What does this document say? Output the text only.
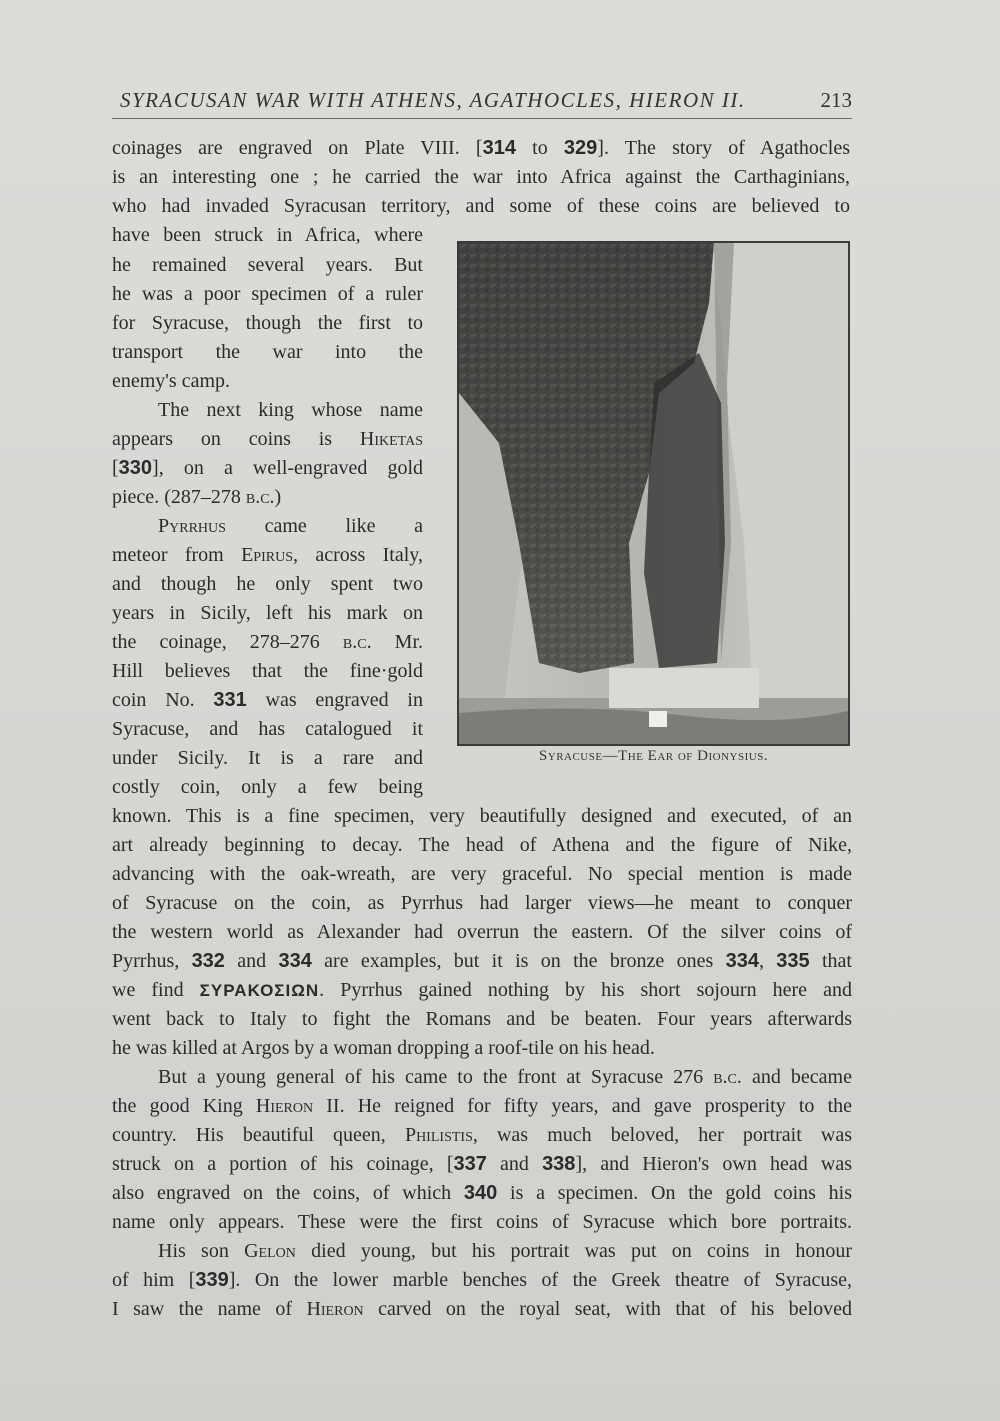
SYRACUSAN WAR WITH ATHENS, AGATHOCLES, HIERON II.	213
coinages are engraved on Plate VIII. [314 to 329]. The story of Agathocles
is an interesting one ; he carried the war into Africa against the Carthaginians,
who had invaded Syracusan territory, and some of these coins are believed to
have been struck in Africa, where
he remained several years. But
he was a poor specimen of a ruler
for Syracuse, though the first to
transport the war into the
enemy's camp.
The next king whose name
appears on coins is Hiketas
[330], on a well-engraved gold
piece. (287–278 b.c.)
Pyrrhus came like a
meteor from Epirus, across Italy,
and though he only spent two
years in Sicily, left his mark on
the coinage, 278–276 b.c. Mr.
Hill believes that the fine·gold
coin No. 331 was engraved in
Syracuse, and has catalogued it
under Sicily. It is a rare and
costly coin, only a few being
Syracuse—The Ear of Dionysius.
known. This is a fine specimen, very beautifully designed and executed, of an
art already beginning to decay. The head of Athena and the figure of Nike,
advancing with the oak-wreath, are very graceful. No special mention is made
of Syracuse on the coin, as Pyrrhus had larger views—he meant to conquer
the western world as Alexander had overrun the eastern. Of the silver coins of
Pyrrhus, 332 and 334 are examples, but it is on the bronze ones 334, 335 that
we find ΣΥΡΑΚΟΣΙΩΝ. Pyrrhus gained nothing by his short sojourn here and
went back to Italy to fight the Romans and be beaten. Four years afterwards
he was killed at Argos by a woman dropping a roof-tile on his head.
But a young general of his came to the front at Syracuse 276 b.c. and became
the good King Hieron II. He reigned for fifty years, and gave prosperity to the
country. His beautiful queen, Philistis, was much beloved, her portrait was
struck on a portion of his coinage, [337 and 338], and Hieron's own head was
also engraved on the coins, of which 340 is a specimen. On the gold coins his
name only appears. These were the first coins of Syracuse which bore portraits.
His son Gelon died young, but his portrait was put on coins in honour
of him [339]. On the lower marble benches of the Greek theatre of Syracuse,
I saw the name of Hieron carved on the royal seat, with that of his beloved
